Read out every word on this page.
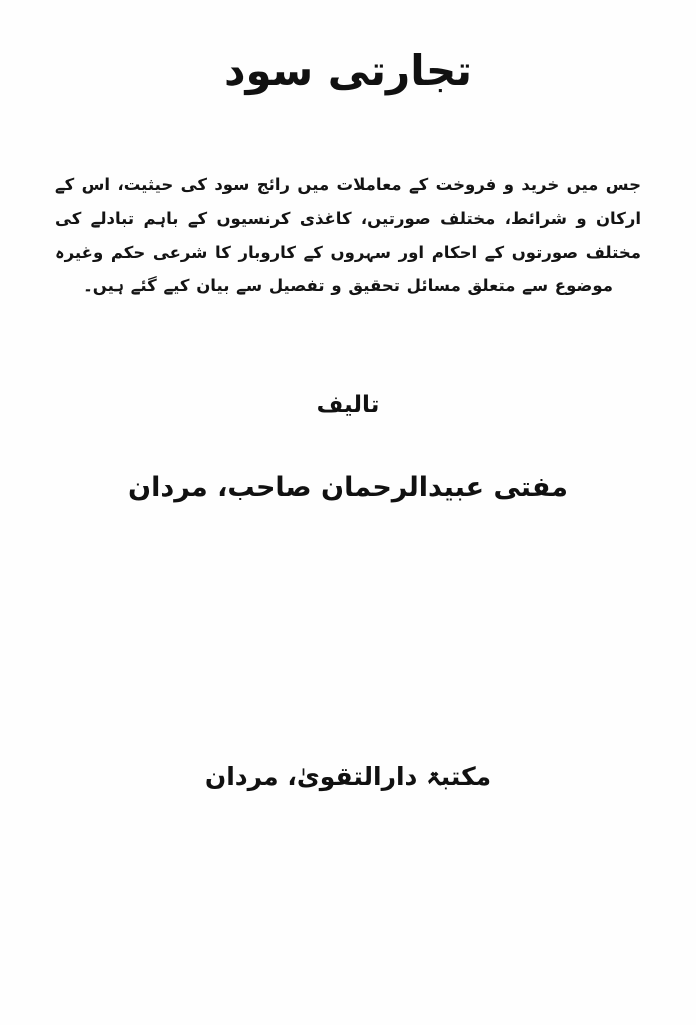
تجارتی سود
جس میں خرید و فروخت کے معاملات میں رائج سود کی حیثیت، اس کے ارکان و شرائط، مختلف صورتیں، کاغذی کرنسیوں کے باہم تبادلے کی مختلف صورتوں کے احکام اور سہروں کے کاروبار کا شرعی حکم وغیرہ موضوع سے متعلق مسائل تحقیق و تفصیل سے بیان کیے گئے ہیں۔
تالیف
مفتی عبیدالرحمان صاحب، مردان
مکتبۃ دارالتقویٰ، مردان
